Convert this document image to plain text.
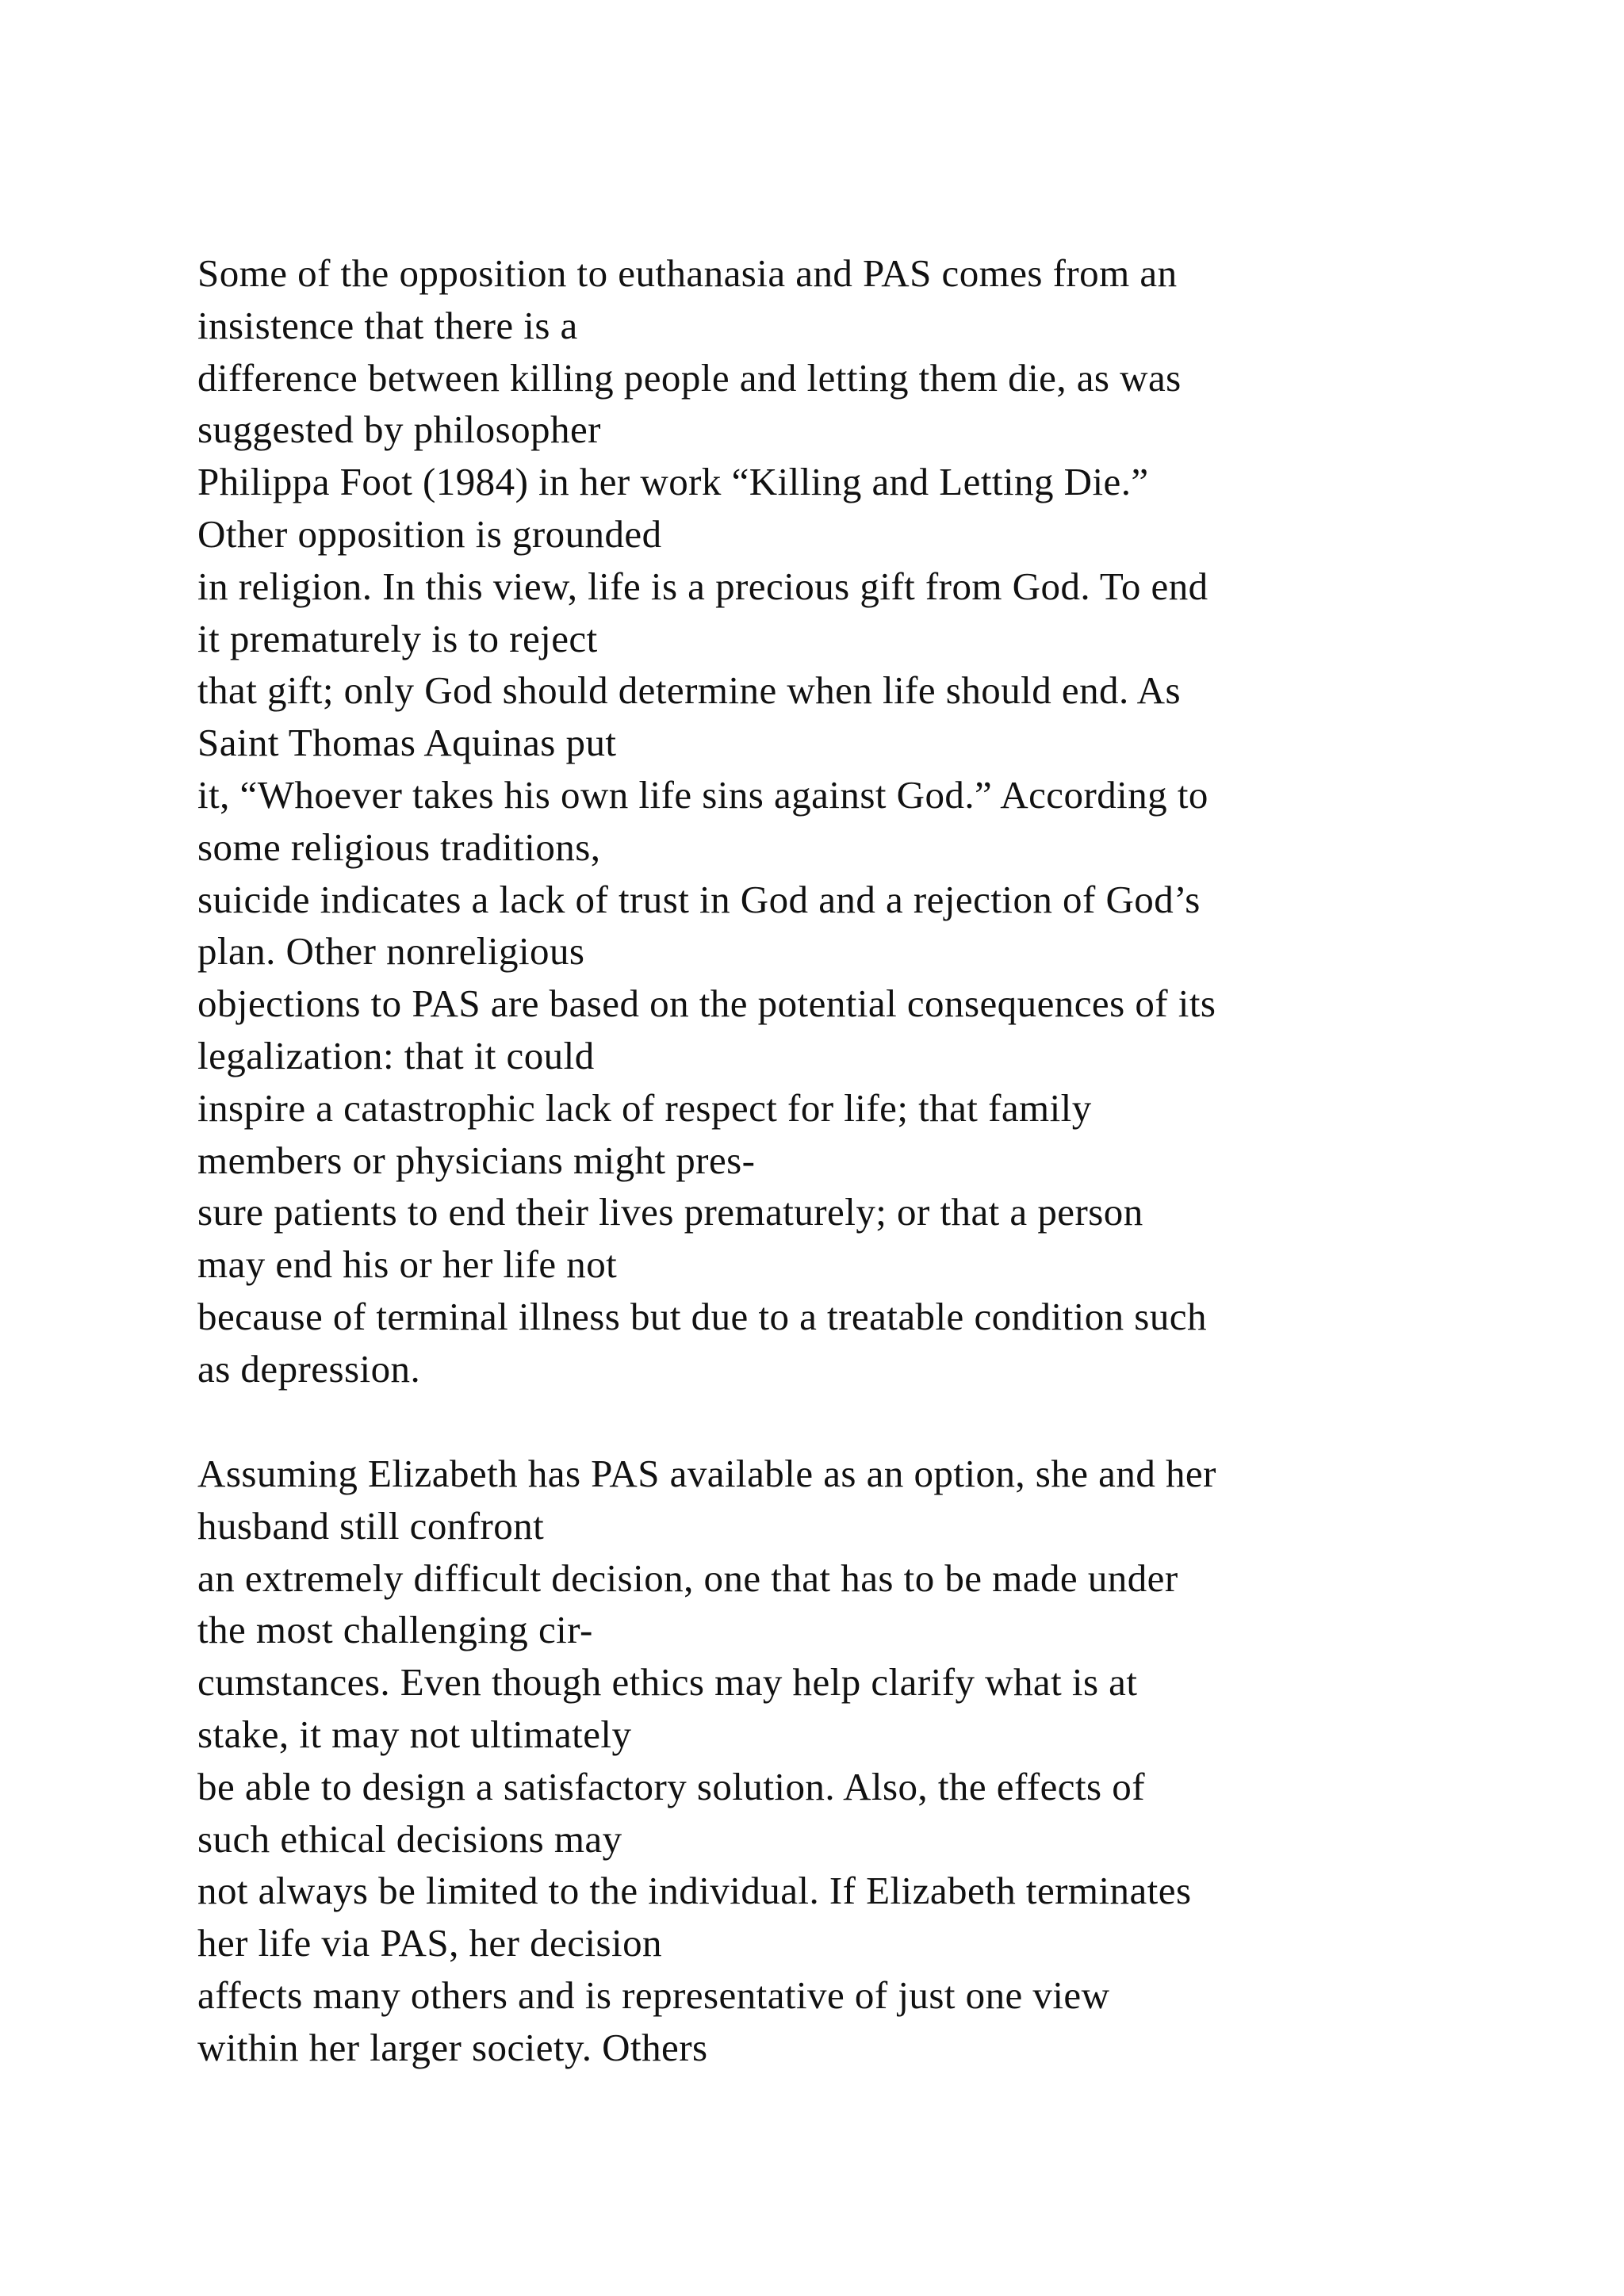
Some of the opposition to euthanasia and PAS comes from an
insistence that there is a
difference between killing people and letting them die, as was
suggested by philosopher
Philippa Foot (1984) in her work “Killing and Letting Die.”
Other opposition is grounded
in religion. In this view, life is a precious gift from God. To end
it prematurely is to reject
that gift; only God should determine when life should end. As
Saint Thomas Aquinas put
it, “Whoever takes his own life sins against God.” According to
some religious traditions,
suicide indicates a lack of trust in God and a rejection of God’s
plan. Other nonreligious
objections to PAS are based on the potential consequences of its
legalization: that it could
inspire a catastrophic lack of respect for life; that family
members or physicians might pres-
sure patients to end their lives prematurely; or that a person
may end his or her life not
because of terminal illness but due to a treatable condition such
as depression.
Assuming Elizabeth has PAS available as an option, she and her
husband still confront
an extremely difficult decision, one that has to be made under
the most challenging cir-
cumstances. Even though ethics may help clarify what is at
stake, it may not ultimately
be able to design a satisfactory solution. Also, the effects of
such ethical decisions may
not always be limited to the individual. If Elizabeth terminates
her life via PAS, her decision
affects many others and is representative of just one view
within her larger society. Others
